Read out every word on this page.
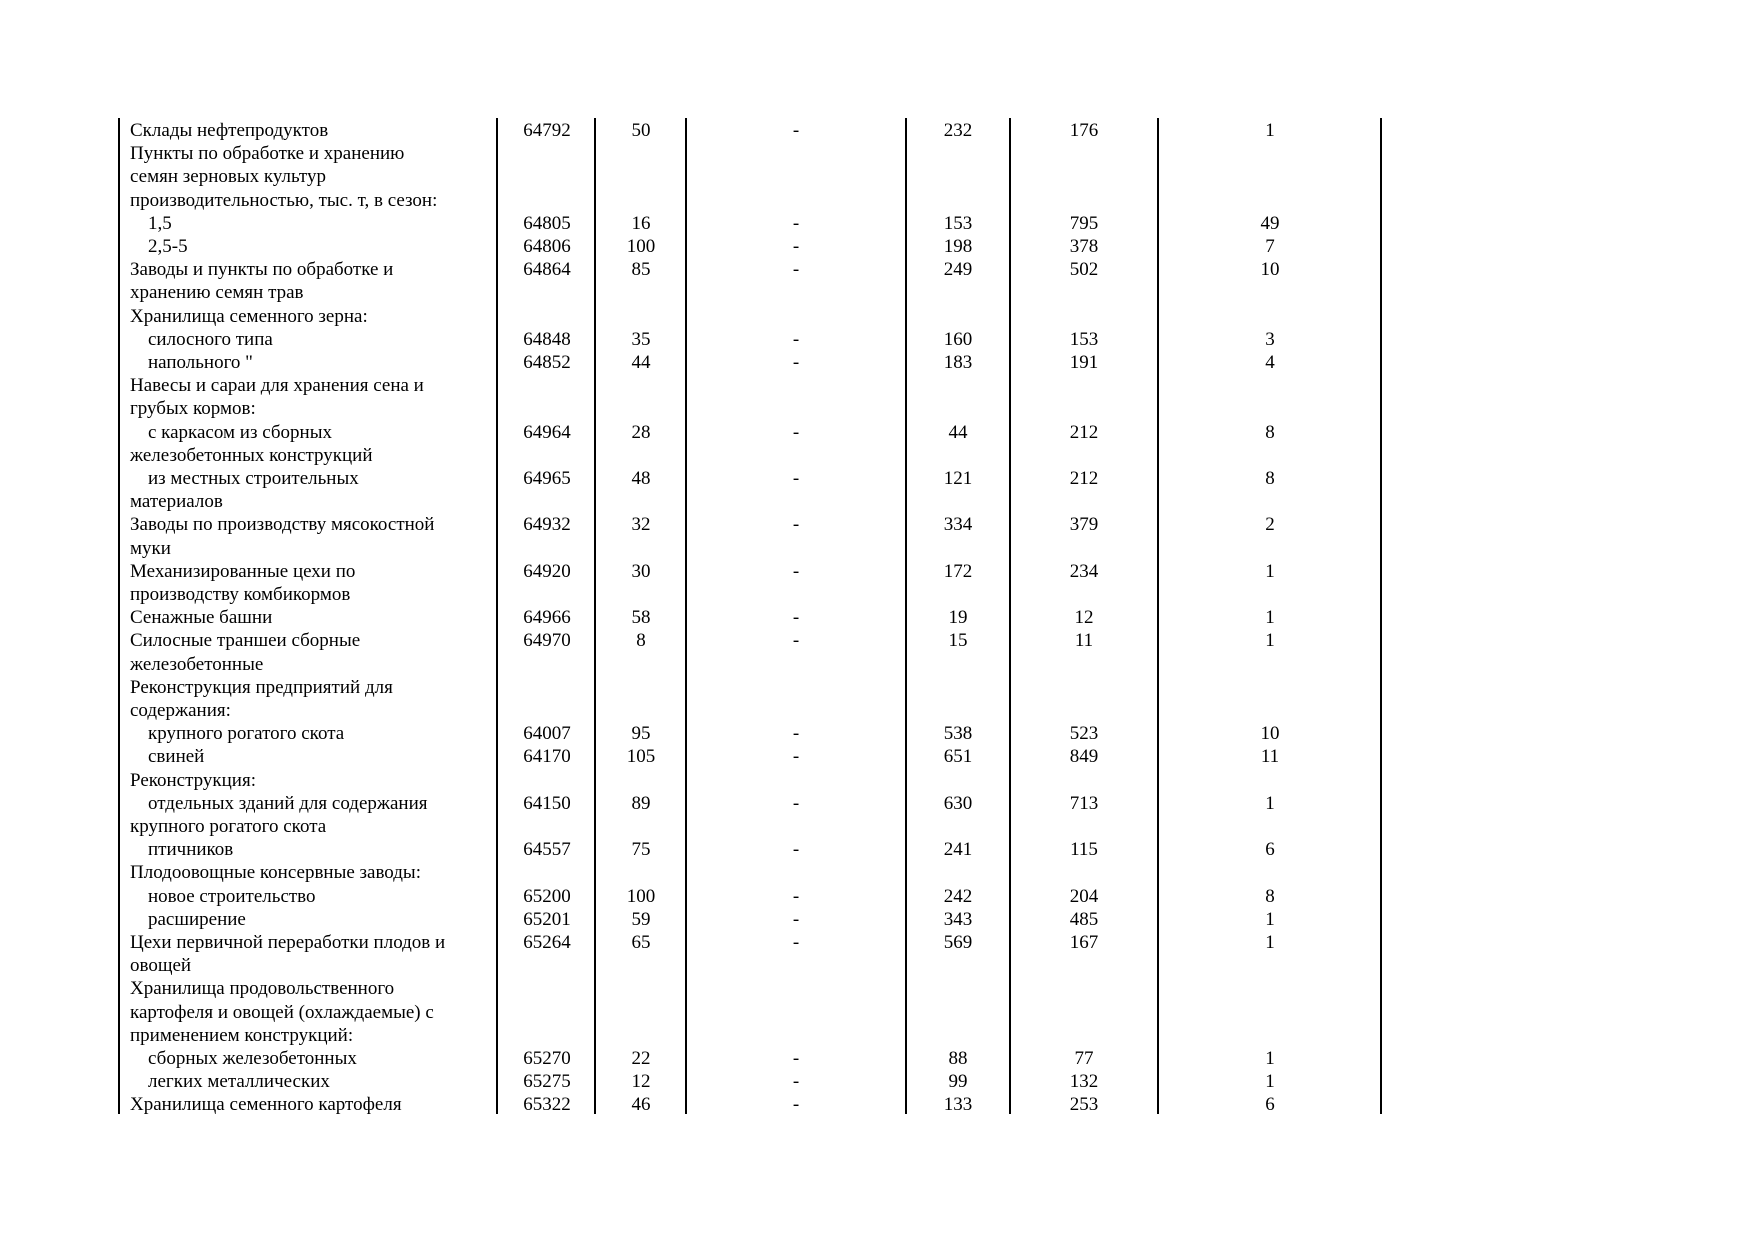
Склады нефтепродуктов	64792	50	-	232	176	1
Пункты по обработке и хранению
семян зерновых культур
производительностью, тыс. т, в сезон:
1,5	64805	16	-	153	795	49
2,5-5	64806	100	-	198	378	7
Заводы и пункты по обработке и	64864	85	-	249	502	10
хранению семян трав
Хранилища семенного зерна:
силосного типа	64848	35	-	160	153	3
напольного "	64852	44	-	183	191	4
Навесы и сараи для хранения сена и
грубых кормов:
с каркасом из сборных	64964	28	-	44	212	8
железобетонных конструкций
из местных строительных	64965	48	-	121	212	8
материалов
Заводы по производству мясокостной	64932	32	-	334	379	2
муки
Механизированные цехи по	64920	30	-	172	234	1
производству комбикормов
Сенажные башни	64966	58	-	19	12	1
Силосные траншеи сборные	64970	8	-	15	11	1
железобетонные
Реконструкция предприятий для
содержания:
крупного рогатого скота	64007	95	-	538	523	10
свиней	64170	105	-	651	849	11
Реконструкция:
отдельных зданий для содержания	64150	89	-	630	713	1
крупного рогатого скота
птичников	64557	75	-	241	115	6
Плодоовощные консервные заводы:
новое строительство	65200	100	-	242	204	8
расширение	65201	59	-	343	485	1
Цехи первичной переработки плодов и	65264	65	-	569	167	1
овощей
Хранилища продовольственного
картофеля и овощей (охлаждаемые) с
применением конструкций:
сборных железобетонных	65270	22	-	88	77	1
легких металлических	65275	12	-	99	132	1
Хранилища семенного картофеля	65322	46	-	133	253	6
